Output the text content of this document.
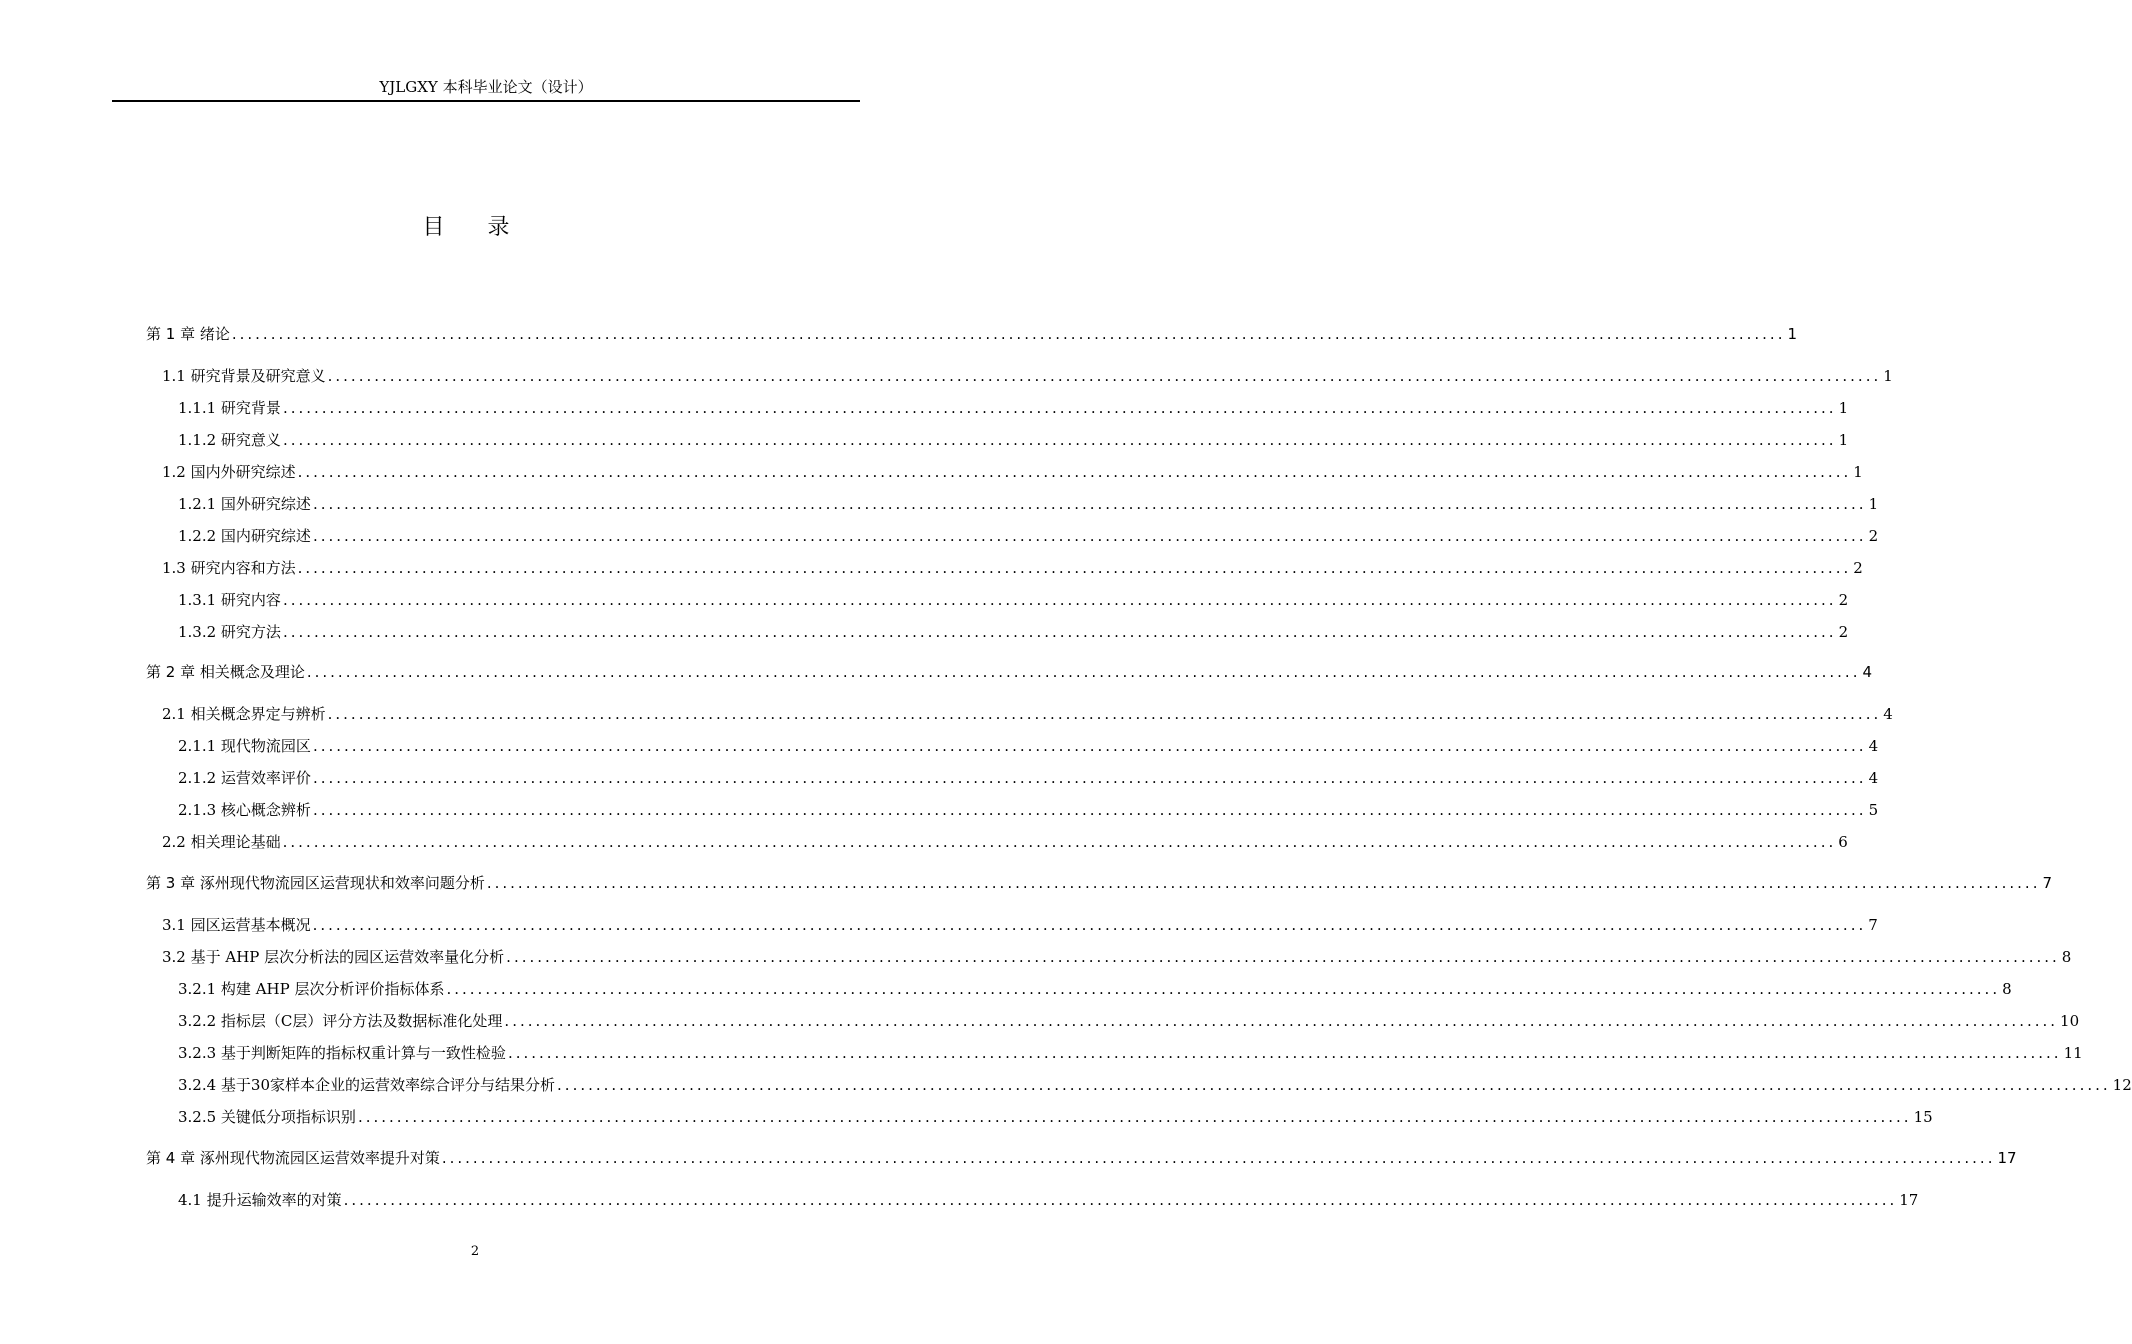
YJLGXY 本科毕业论文（设计）
目 录
第 1 章 绪论 ........................................................................................................................................................................................................ 1
1.1 研究背景及研究意义 ........................................................................................................................................................................................................ 1
1.1.1 研究背景 ........................................................................................................................................................................................................ 1
1.1.2 研究意义 ........................................................................................................................................................................................................ 1
1.2 国内外研究综述 ........................................................................................................................................................................................................ 1
1.2.1 国外研究综述 ........................................................................................................................................................................................................ 1
1.2.2 国内研究综述 ........................................................................................................................................................................................................ 2
1.3 研究内容和方法 ........................................................................................................................................................................................................ 2
1.3.1 研究内容 ........................................................................................................................................................................................................ 2
1.3.2 研究方法 ........................................................................................................................................................................................................ 2
第 2 章 相关概念及理论 ........................................................................................................................................................................................................ 4
2.1 相关概念界定与辨析 ........................................................................................................................................................................................................ 4
2.1.1 现代物流园区 ........................................................................................................................................................................................................ 4
2.1.2 运营效率评价 ........................................................................................................................................................................................................ 4
2.1.3 核心概念辨析 ........................................................................................................................................................................................................ 5
2.2 相关理论基础 ........................................................................................................................................................................................................ 6
第 3 章 涿州现代物流园区运营现状和效率问题分析 ........................................................................................................................................................................................................ 7
3.1 园区运营基本概况 ........................................................................................................................................................................................................ 7
3.2 基于 AHP 层次分析法的园区运营效率量化分析 ........................................................................................................................................................................................................ 8
3.2.1 构建 AHP 层次分析评价指标体系 ........................................................................................................................................................................................................ 8
3.2.2 指标层（C层）评分方法及数据标准化处理 ........................................................................................................................................................................................................ 10
3.2.3 基于判断矩阵的指标权重计算与一致性检验 ........................................................................................................................................................................................................ 11
3.2.4 基于30家样本企业的运营效率综合评分与结果分析 ........................................................................................................................................................................................................ 12
3.2.5 关键低分项指标识别 ........................................................................................................................................................................................................ 15
第 4 章 涿州现代物流园区运营效率提升对策 ........................................................................................................................................................................................................ 17
4.1 提升运输效率的对策 ........................................................................................................................................................................................................ 17
2
